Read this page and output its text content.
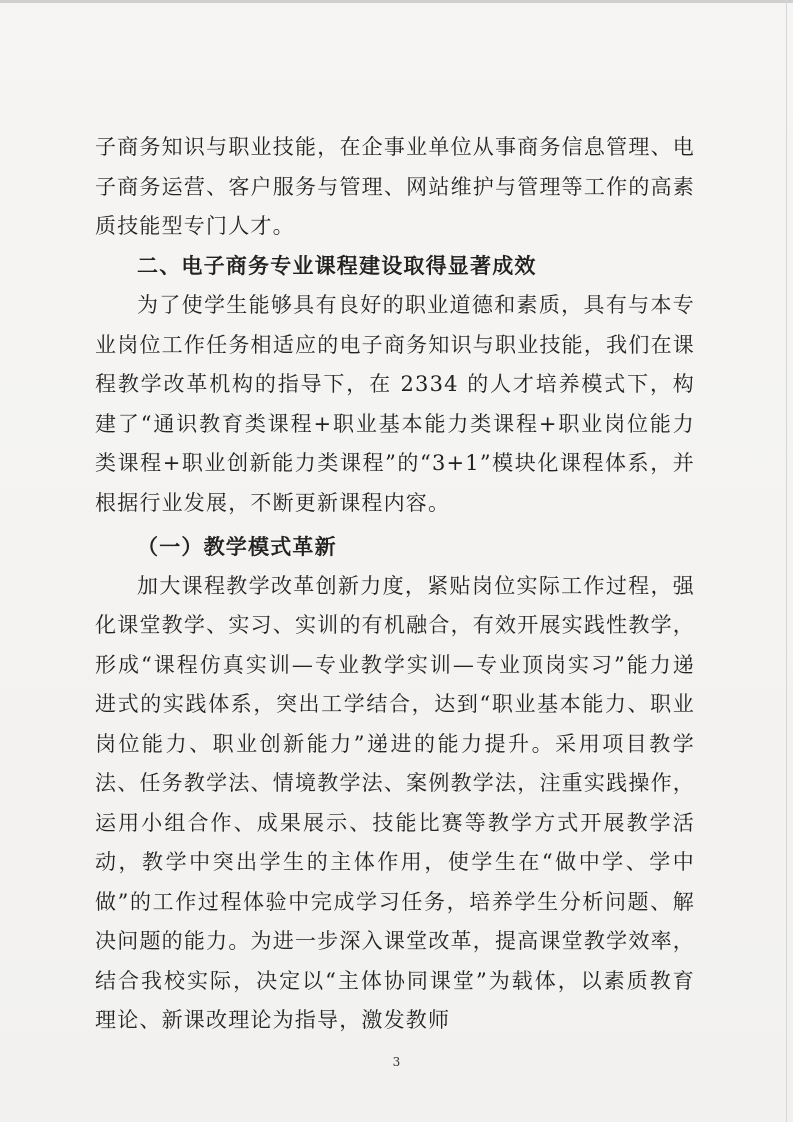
子商务知识与职业技能，在企事业单位从事商务信息管理、电子商务运营、客户服务与管理、网站维护与管理等工作的高素质技能型专门人才。

二、电子商务专业课程建设取得显著成效

为了使学生能够具有良好的职业道德和素质，具有与本专业岗位工作任务相适应的电子商务知识与职业技能，我们在课程教学改革机构的指导下，在 2334 的人才培养模式下，构建了“通识教育类课程+职业基本能力类课程+职业岗位能力类课程+职业创新能力类课程”的“3+1”模块化课程体系，并根据行业发展，不断更新课程内容。

（一）教学模式革新

加大课程教学改革创新力度，紧贴岗位实际工作过程，强化课堂教学、实习、实训的有机融合，有效开展实践性教学，形成“课程仿真实训—专业教学实训—专业顶岗实习”能力递进式的实践体系，突出工学结合，达到“职业基本能力、职业岗位能力、职业创新能力”递进的能力提升。采用项目教学法、任务教学法、情境教学法、案例教学法，注重实践操作，运用小组合作、成果展示、技能比赛等教学方式开展教学活动，教学中突出学生的主体作用，使学生在“做中学、学中做”的工作过程体验中完成学习任务，培养学生分析问题、解决问题的能力。为进一步深入课堂改革，提高课堂教学效率，结合我校实际，决定以“主体协同课堂”为载体，以素质教育理论、新课改理论为指导，激发教师

3
